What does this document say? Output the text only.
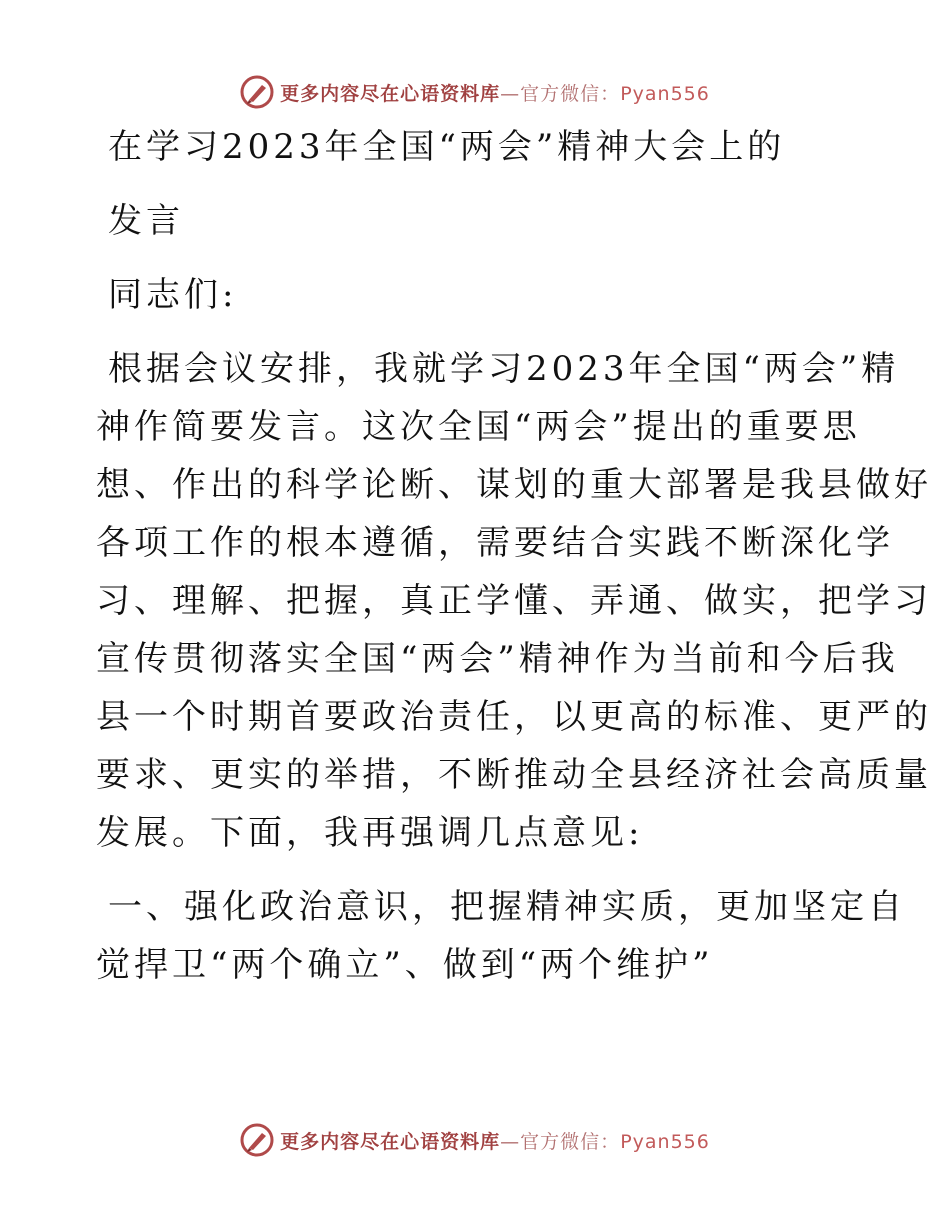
更多内容尽在心语资料库—官方微信：Pyan556
在学习2023年全国“两会”精神大会上的
发言
同志们:
根据会议安排，我就学习2023年全国“两会”精
神作简要发言。这次全国“两会”提出的重要思
想、作出的科学论断、谋划的重大部署是我县做好
各项工作的根本遵循，需要结合实践不断深化学
习、理解、把握，真正学懂、弄通、做实，把学习
宣传贯彻落实全国“两会”精神作为当前和今后我
县一个时期首要政治责任，以更高的标准、更严的
要求、更实的举措，不断推动全县经济社会高质量
发展。下面，我再强调几点意见:
一、强化政治意识，把握精神实质，更加坚定自
觉捍卫“两个确立”、做到“两个维护”
更多内容尽在心语资料库—官方微信：Pyan556
